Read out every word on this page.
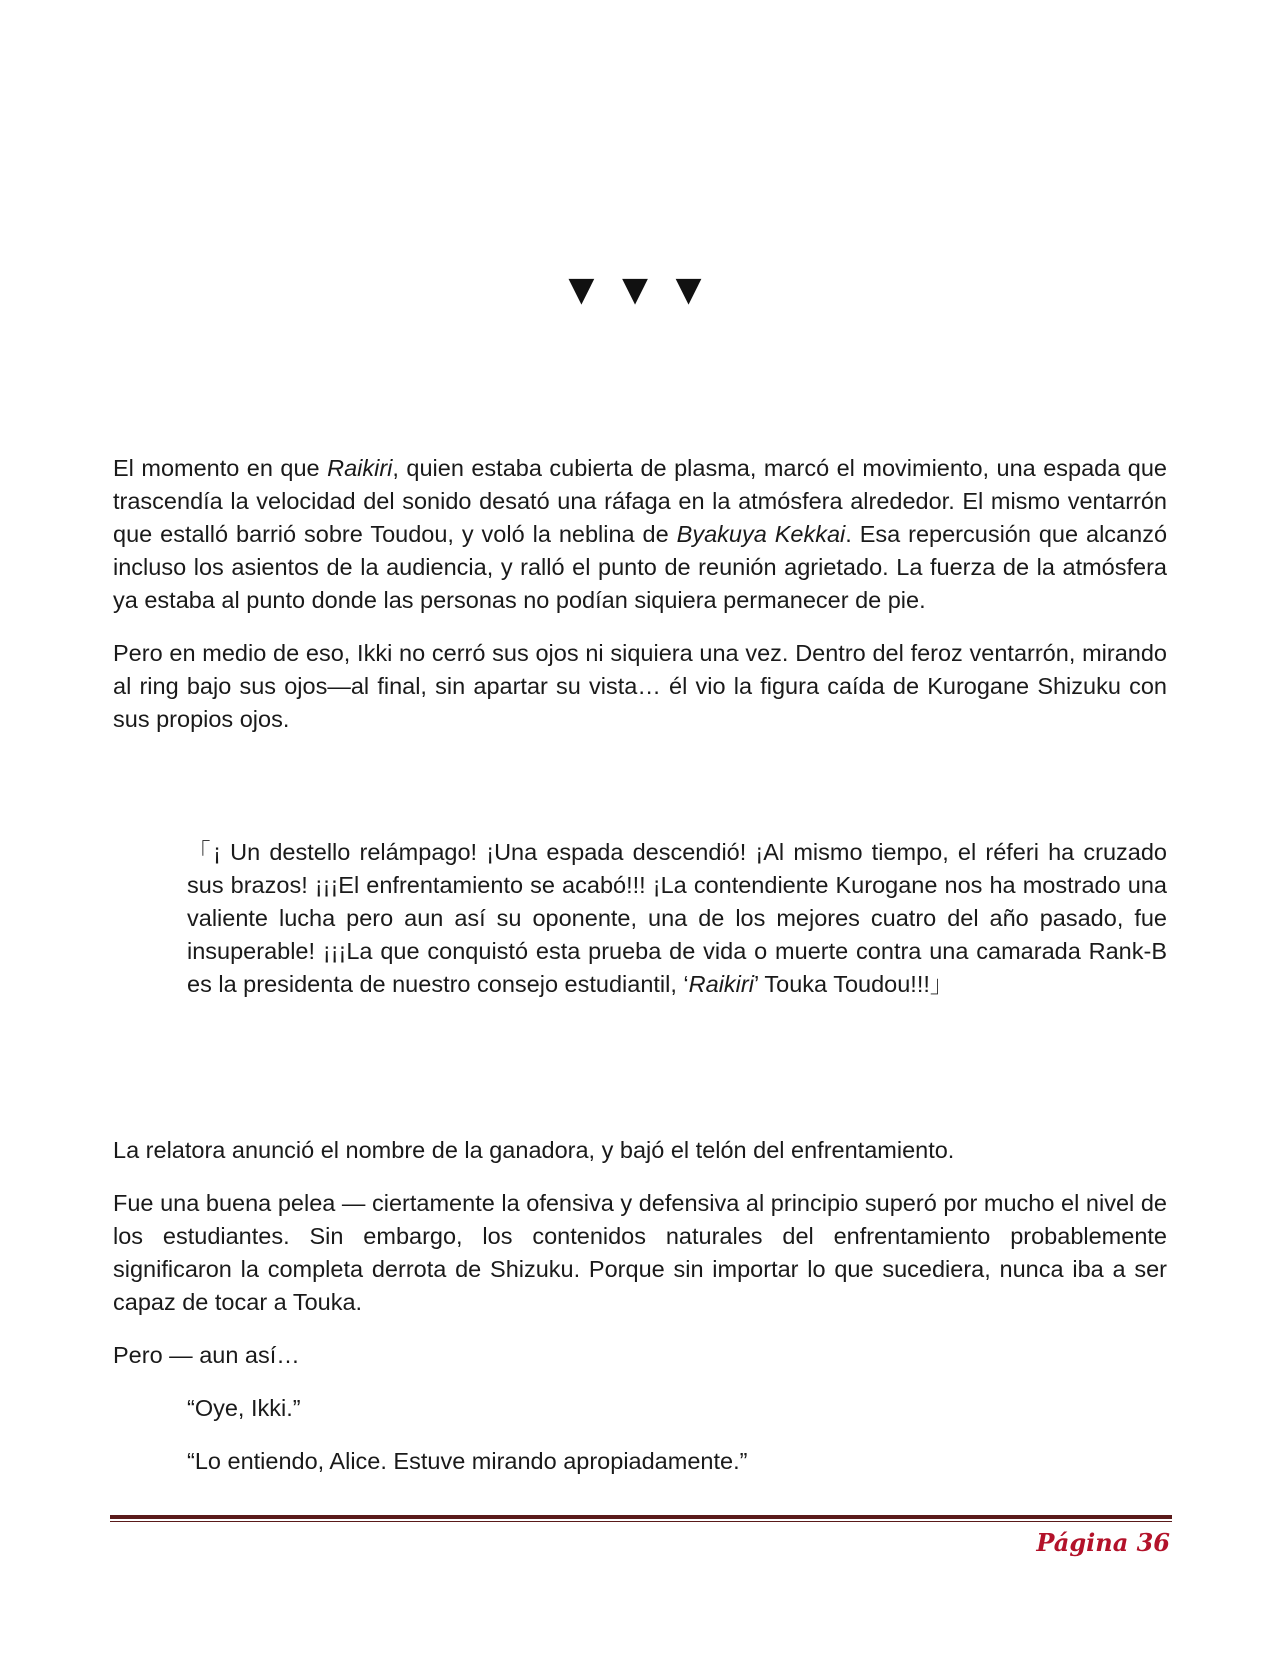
▼▼▼

El momento en que Raikiri, quien estaba cubierta de plasma, marcó el movimiento, una espada que trascendía la velocidad del sonido desató una ráfaga en la atmósfera alrededor. El mismo ventarrón que estalló barrió sobre Toudou, y voló la neblina de Byakuya Kekkai. Esa repercusión que alcanzó incluso los asientos de la audiencia, y ralló el punto de reunión agrietado. La fuerza de la atmósfera ya estaba al punto donde las personas no podían siquiera permanecer de pie.

Pero en medio de eso, Ikki no cerró sus ojos ni siquiera una vez. Dentro del feroz ventarrón, mirando al ring bajo sus ojos—al final, sin apartar su vista… él vio la figura caída de Kurogane Shizuku con sus propios ojos.

「¡ Un destello relámpago! ¡Una espada descendió! ¡Al mismo tiempo, el réferi ha cruzado sus brazos! ¡¡¡El enfrentamiento se acabó!!! ¡La contendiente Kurogane nos ha mostrado una valiente lucha pero aun así su oponente, una de los mejores cuatro del año pasado, fue insuperable! ¡¡¡La que conquistó esta prueba de vida o muerte contra una camarada Rank-B es la presidenta de nuestro consejo estudiantil, ‘Raikiri’ Touka Toudou!!!」

La relatora anunció el nombre de la ganadora, y bajó el telón del enfrentamiento.

Fue una buena pelea — ciertamente la ofensiva y defensiva al principio superó por mucho el nivel de los estudiantes. Sin embargo, los contenidos naturales del enfrentamiento probablemente significaron la completa derrota de Shizuku. Porque sin importar lo que sucediera, nunca iba a ser capaz de tocar a Touka.

Pero — aun así…

“Oye, Ikki.”

“Lo entiendo, Alice. Estuve mirando apropiadamente.”

Página 36
